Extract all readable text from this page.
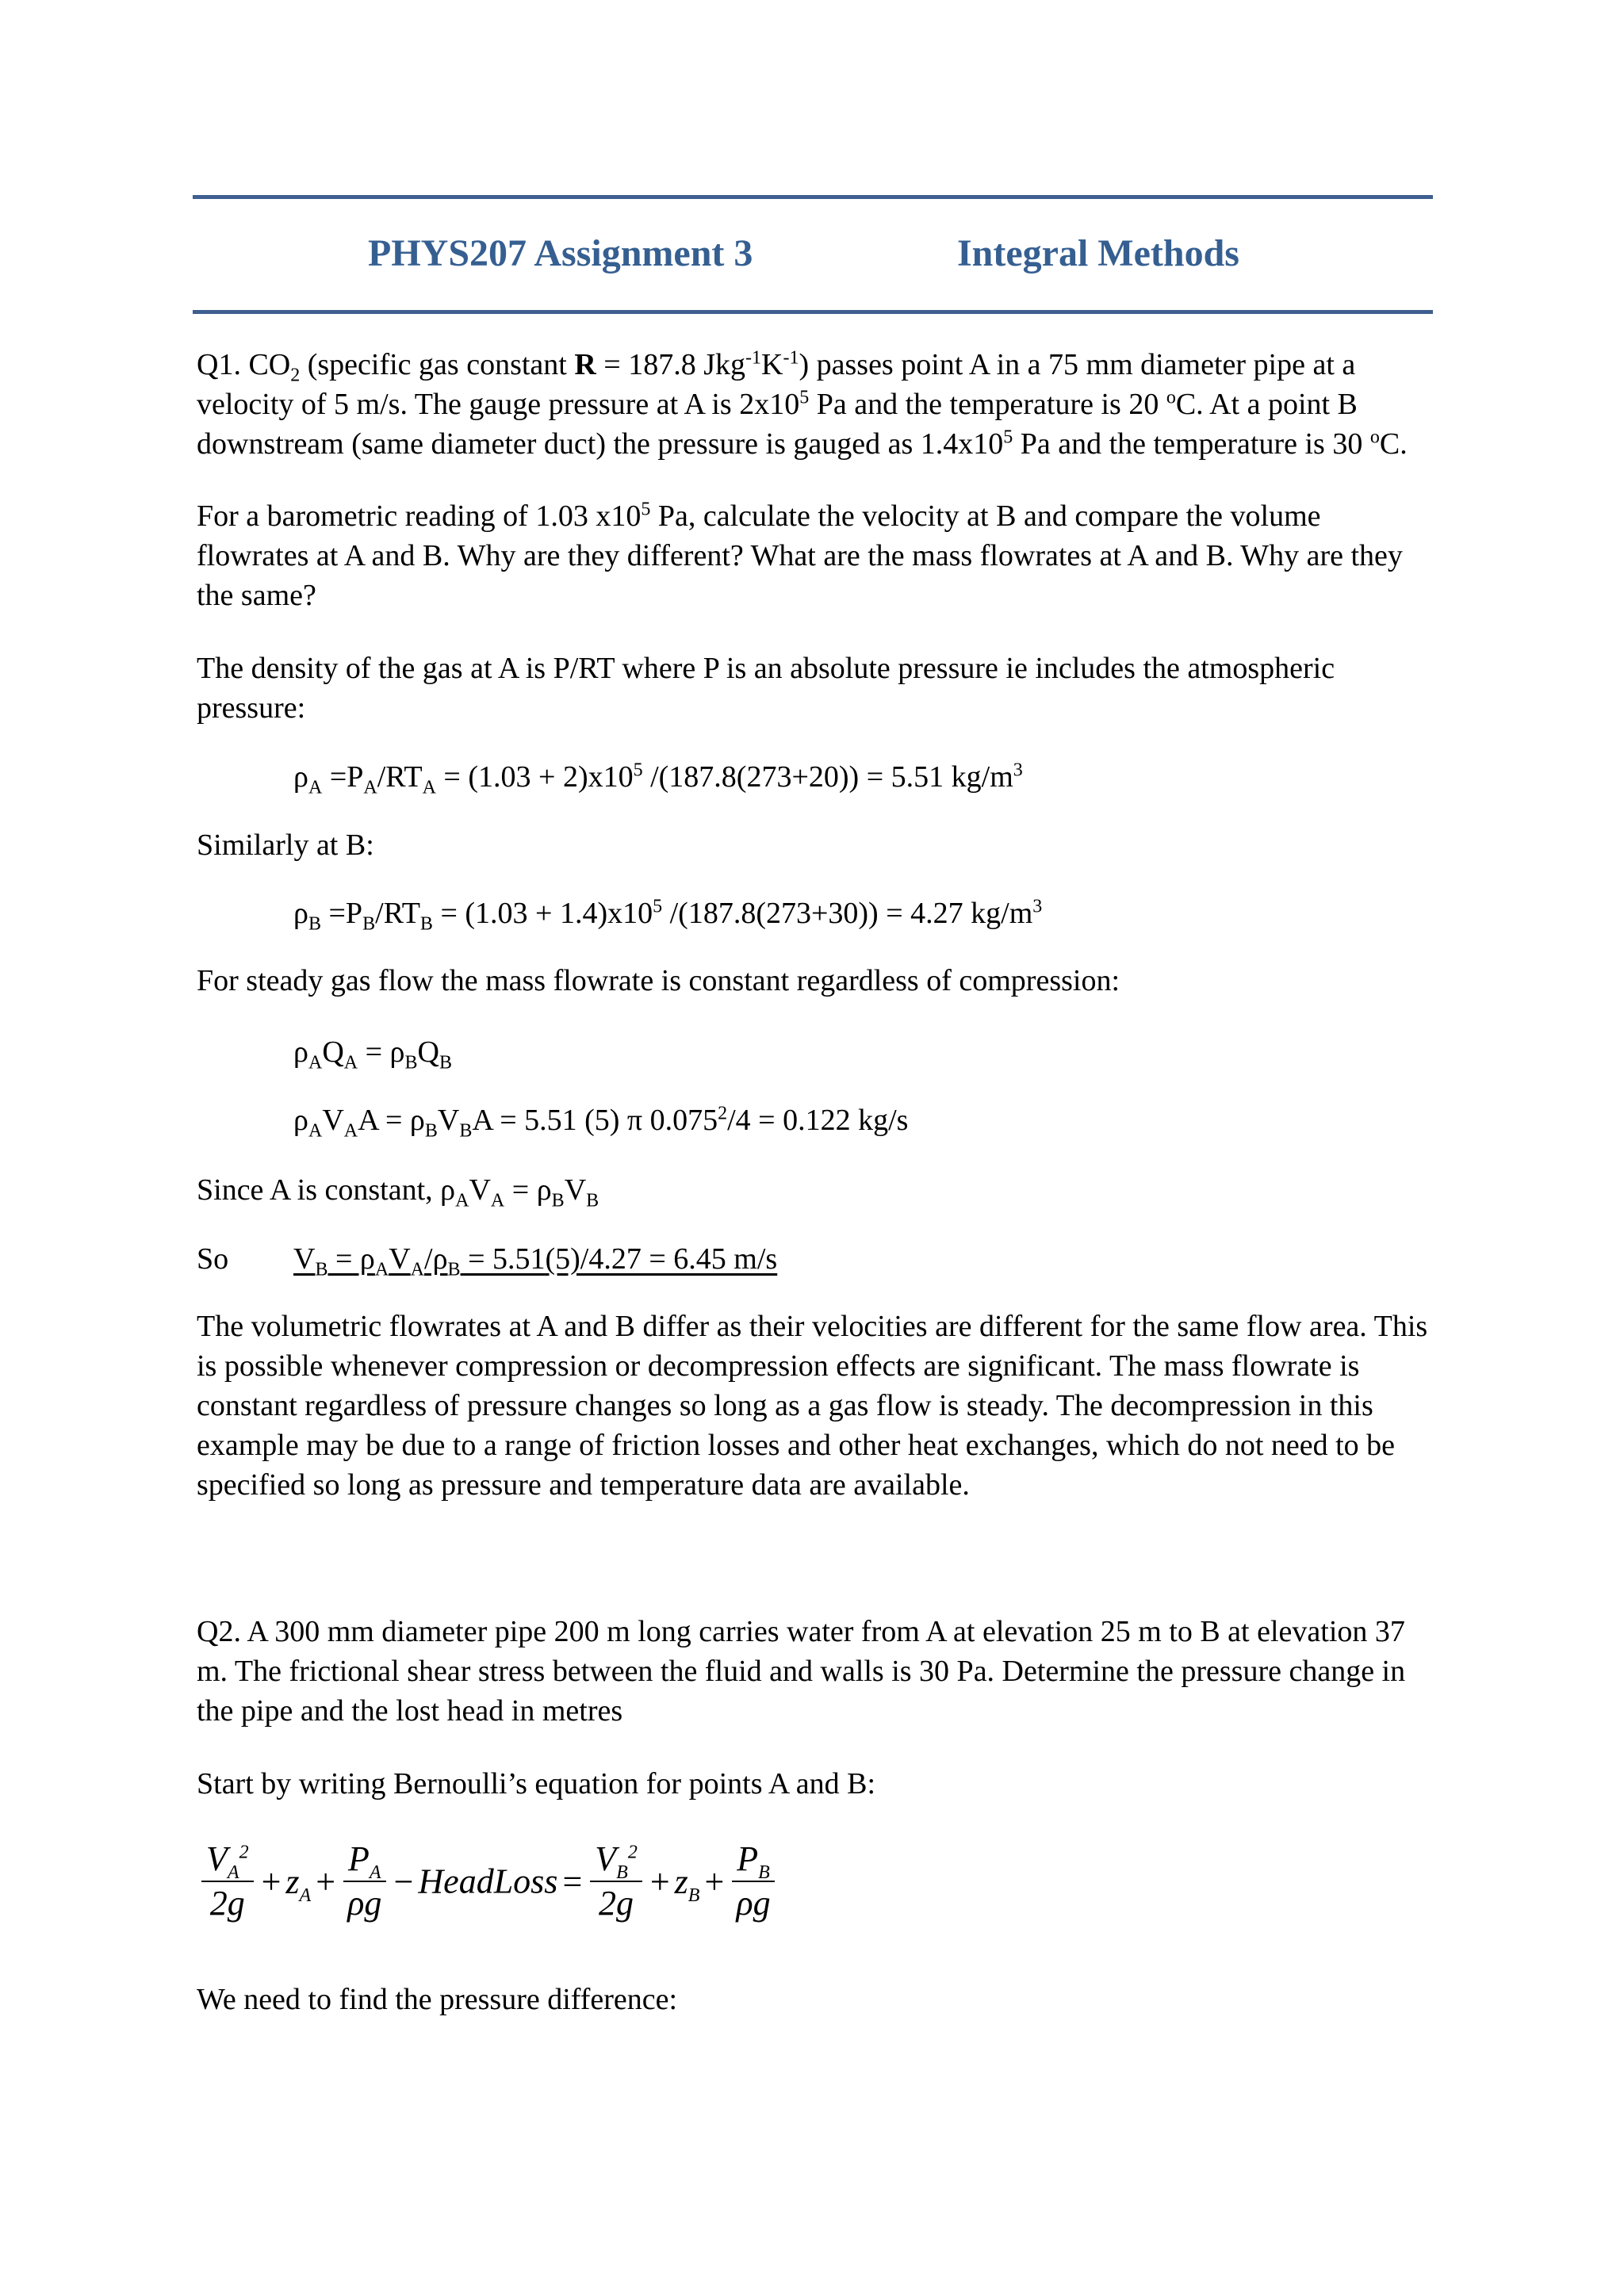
PHYS207 Assignment 3	Integral Methods

Q1. $CO_2$ (specific gas constant R = 187.8 $Jkg^{-1}K^{-1}$) passes point A in a 75 mm diameter pipe at a velocity of 5 m/s. The gauge pressure at A is $2x10^5$ Pa and the temperature is 20 $^o$C. At a point B downstream (same diameter duct) the pressure is gauged as $1.4x10^5$ Pa and the temperature is 30 $^o$C.

For a barometric reading of 1.03 $x10^5$ Pa, calculate the velocity at B and compare the volume flowrates at A and B. Why are they different? What are the mass flowrates at A and B. Why are they the same?

The density of the gas at A is P/RT where P is an absolute pressure ie includes the atmospheric pressure:

$\rho_A =P_A/RT_A = (1.03 + 2)x10^5$ /(187.8(273+20)) = 5.51 $kg/m^3$

Similarly at B:

$\rho_B =P_B/RT_B = (1.03 + 1.4)x10^5$ /(187.8(273+30)) = 4.27 $kg/m^3$

For steady gas flow the mass flowrate is constant regardless of compression:

$\rho_AQ_A = \rho_BQ_B$
$\rho_AV_AA = \rho_BV_BA = 5.51$ (5) π $0.075^2/4 = 0.122$ kg/s

Since A is constant, $\rho_AV_A = \rho_BV_B$

So	$V_B = \rho_AV_A/\rho_B = 5.51(5)/4.27 = 6.45$ m/s

The volumetric flowrates at A and B differ as their velocities are different for the same flow area. This is possible whenever compression or decompression effects are significant. The mass flowrate is constant regardless of pressure changes so long as a gas flow is steady. The decompression in this example may be due to a range of friction losses and other heat exchanges, which do not need to be specified so long as pressure and temperature data are available.

Q2. A 300 mm diameter pipe 200 m long carries water from A at elevation 25 m to B at elevation 37 m. The frictional shear stress between the fluid and walls is 30 Pa. Determine the pressure change in the pipe and the lost head in metres

Start by writing Bernoulli’s equation for points A and B:

$\frac{V_A^2}{2g} + z_A + \frac{P_A}{\rho g}$ − HeadLoss = $\frac{V_B^2}{2g} + z_B + \frac{P_B}{\rho g}$

We need to find the pressure difference:
